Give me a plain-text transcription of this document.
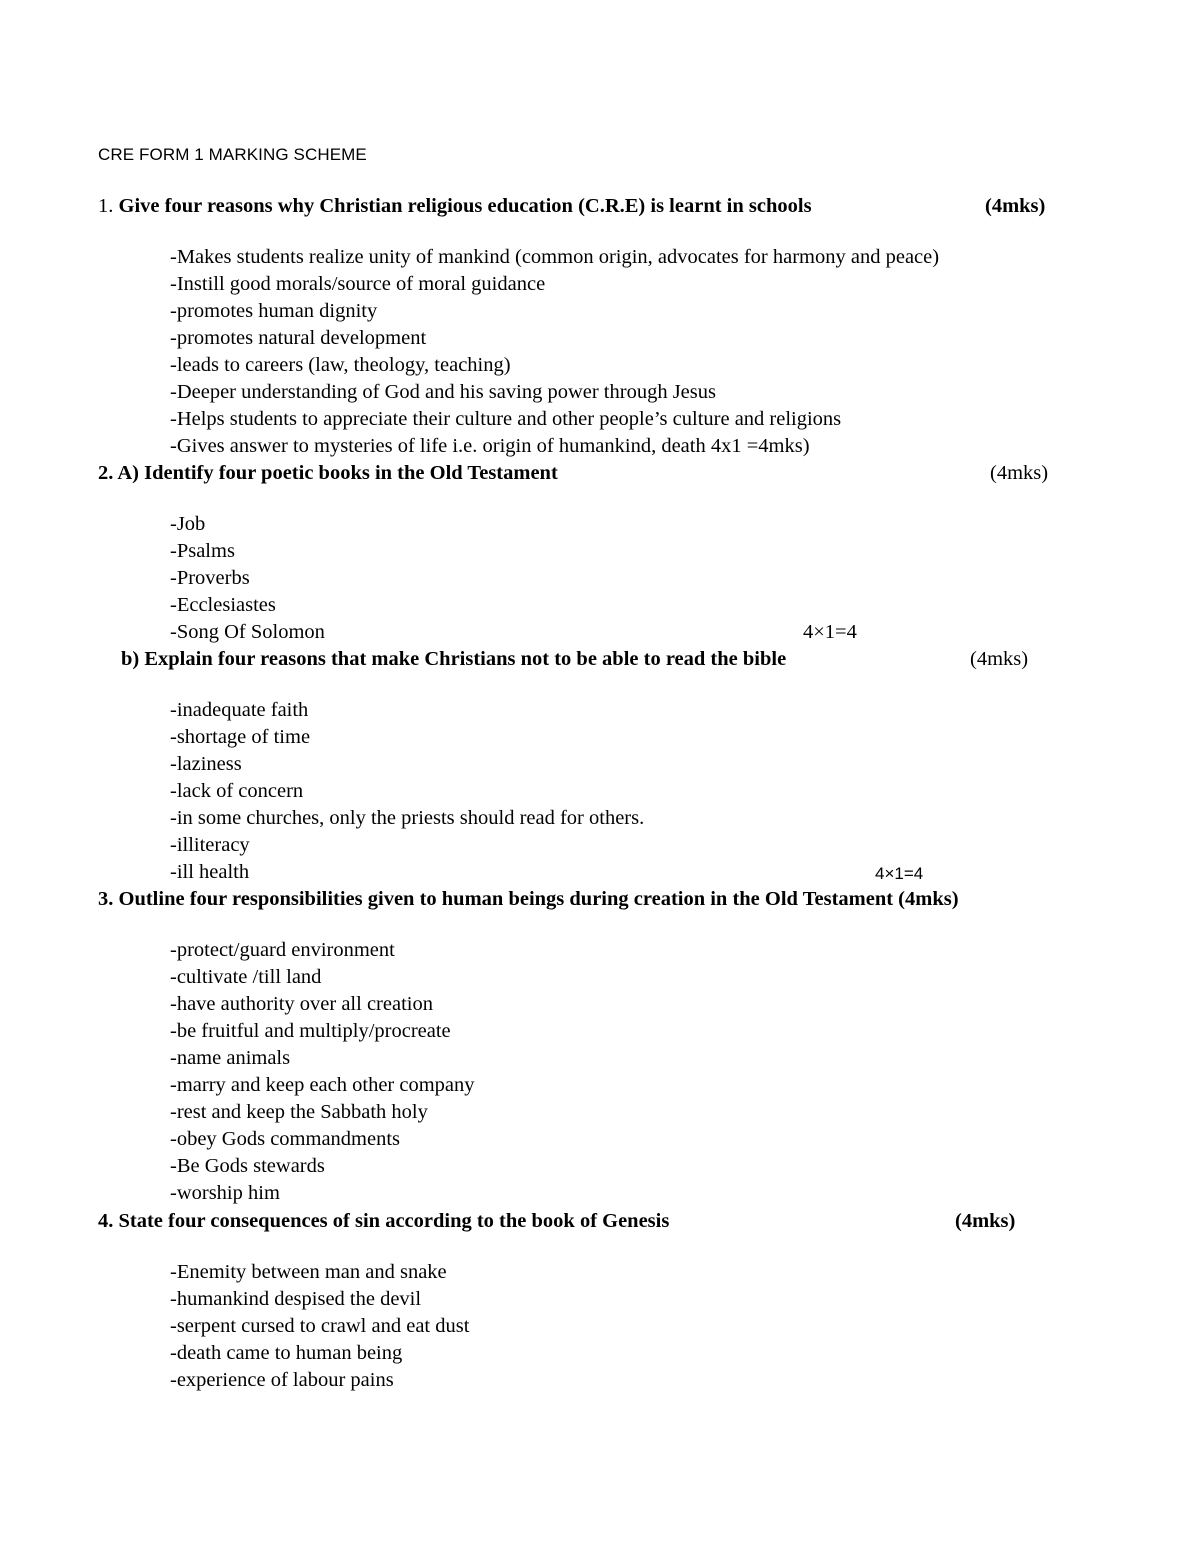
CRE FORM 1 MARKING SCHEME
1. Give four reasons why Christian religious education (C.R.E) is learnt in schools	(4mks)
-Makes students realize unity of mankind (common origin, advocates for harmony and peace)
-Instill good morals/source of moral guidance
-promotes human dignity
-promotes natural development
-leads to careers (law, theology, teaching)
-Deeper understanding of God and his saving power through Jesus
-Helps students to appreciate their culture and other people’s culture and religions
-Gives answer to mysteries of life i.e. origin of humankind, death 4x1 =4mks)
2. A) Identify four poetic books in the Old Testament	(4mks)
-Job
-Psalms
-Proverbs
-Ecclesiastes
-Song Of Solomon	4×1=4
b) Explain four reasons that make Christians not to be able to read the bible	(4mks)
-inadequate faith
-shortage of time
-laziness
-lack of concern
-in some churches, only the priests should read for others.
-illiteracy
-ill health	4×1=4
3. Outline four responsibilities given to human beings during creation in the Old Testament (4mks)
-protect/guard environment
-cultivate /till land
-have authority over all creation
-be fruitful and multiply/procreate
-name animals
-marry and keep each other company
-rest and keep the Sabbath holy
-obey Gods commandments
-Be Gods stewards
-worship him
4. State four consequences of sin according to the book of Genesis	(4mks)
-Enemity between man and snake
-humankind despised the devil
-serpent cursed to crawl and eat dust
-death came to human being
-experience of labour pains
